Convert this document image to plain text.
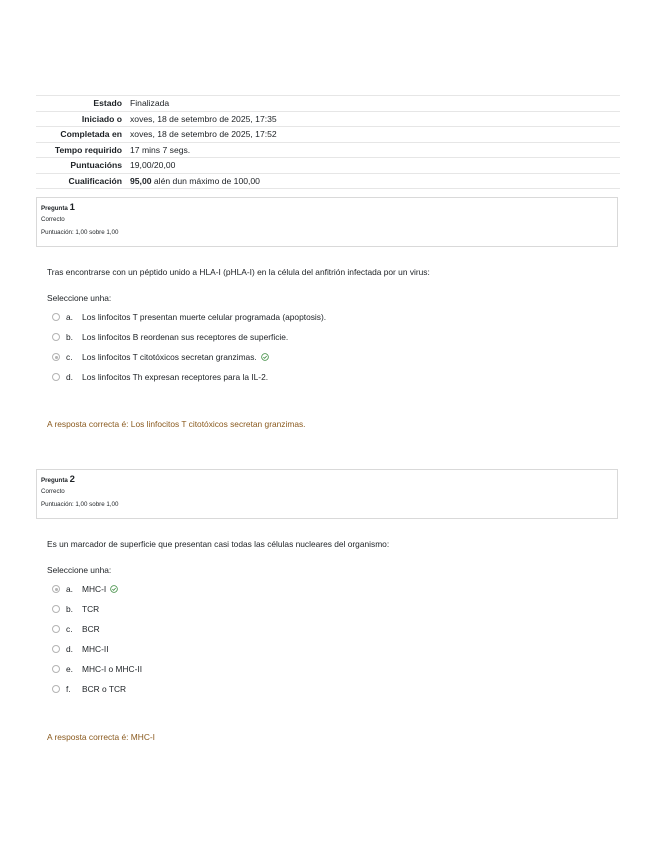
Estado	Finalizada
Iniciado o	xoves, 18 de setembro de 2025, 17:35
Completada en	xoves, 18 de setembro de 2025, 17:52
Tempo requirido	17 mins 7 segs.
Puntuacións	19,00/20,00
Cualificación	95,00 alén dun máximo de 100,00
Pregunta 1
Correcto
Puntuación: 1,00 sobre 1,00
Tras encontrarse con un péptido unido a HLA-I (pHLA-I) en la célula del anfitrión infectada por un virus:
Seleccione unha:
a.	Los linfocitos T presentan muerte celular programada (apoptosis).
b.	Los linfocitos B reordenan sus receptores de superficie.
c.	Los linfocitos T citotóxicos secretan granzimas.
d.	Los linfocitos Th expresan receptores para la IL-2.
A resposta correcta é: Los linfocitos T citotóxicos secretan granzimas.
Pregunta 2
Correcto
Puntuación: 1,00 sobre 1,00
Es un marcador de superficie que presentan casi todas las células nucleares del organismo:
Seleccione unha:
a.	MHC-I
b.	TCR
c.	BCR
d.	MHC-II
e.	MHC-I o MHC-II
f.	BCR o TCR
A resposta correcta é: MHC-I
